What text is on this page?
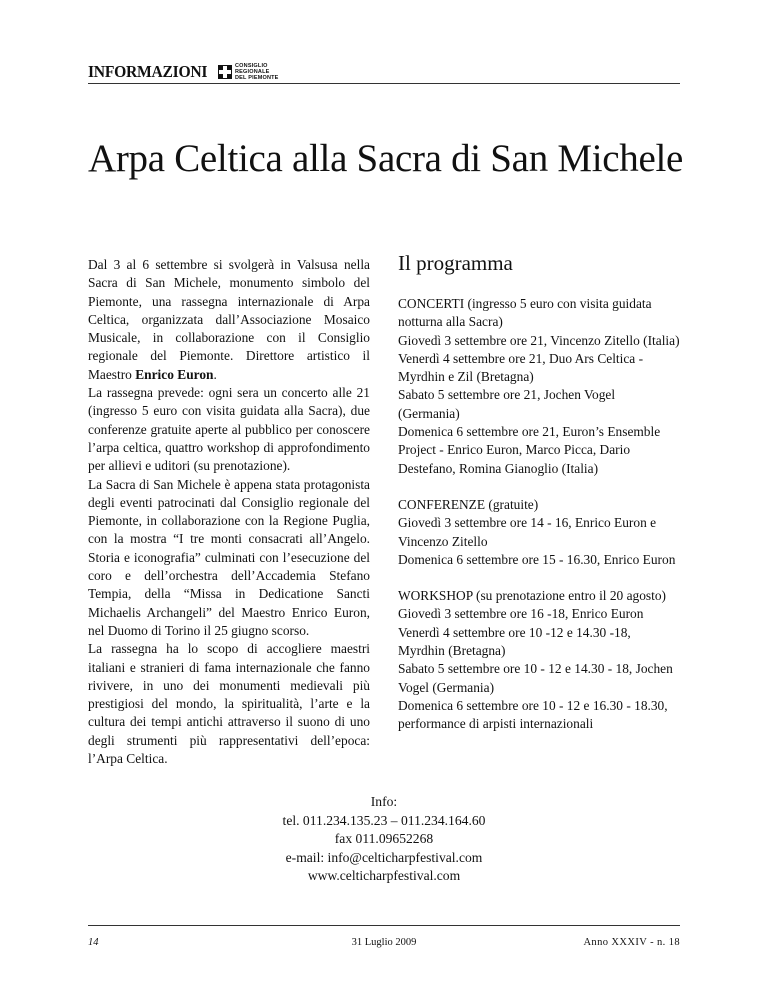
INFORMAZIONI	CONSIGLIO
REGIONALE
DEL PIEMONTE
Arpa Celtica alla Sacra di San Michele

Dal 3 al 6 settembre si svolgerà in Valsusa nella Sacra di San Michele, monumento simbolo del Piemonte, una rassegna internazionale di Arpa Celtica, organizzata dall’Associazione Mosaico Musicale, in collaborazione con il Consiglio regionale del Piemonte. Direttore artistico il Maestro Enrico Euron.

La rassegna prevede: ogni sera un concerto alle 21 (ingresso 5 euro con visita guidata alla Sacra), due conferenze gratuite aperte al pubblico per conoscere l’arpa celtica, quattro workshop di approfondimento per allievi e uditori (su prenotazione).

La Sacra di San Michele è appena stata protagonista degli eventi patrocinati dal Consiglio regionale del Piemonte, in collaborazione con la Regione Puglia, con la mostra “I tre monti consacrati all’Angelo. Storia e iconografia” culminati con l’esecuzione del coro e dell’orchestra dell’Accademia Stefano Tempia, della “Missa in Dedicatione Sancti Michaelis Archangeli” del Maestro Enrico Euron, nel Duomo di Torino il 25 giugno scorso.

La rassegna ha lo scopo di accogliere maestri italiani e stranieri di fama internazionale che fanno rivivere, in uno dei monumenti medievali più prestigiosi del mondo, la spiritualità, l’arte e la cultura dei tempi antichi attraverso il suono di uno degli strumenti più rappresentativi dell’epoca: l’Arpa Celtica.

Il programma

CONCERTI (ingresso 5 euro con visita guidata notturna alla Sacra)

Giovedì 3 settembre ore 21, Vincenzo Zitello (Italia)

Venerdì 4 settembre ore 21, Duo Ars Celtica - Myrdhin e Zil (Bretagna)

Sabato 5 settembre ore 21, Jochen Vogel (Germania)

Domenica 6 settembre ore 21, Euron’s Ensemble Project - Enrico Euron, Marco Picca, Dario Destefano, Romina Gianoglio (Italia)

CONFERENZE (gratuite)

Giovedì 3 settembre ore 14 - 16, Enrico Euron e Vincenzo Zitello

Domenica 6 settembre ore 15 - 16.30, Enrico Euron

WORKSHOP (su prenotazione entro il 20 agosto)

Giovedì 3 settembre ore 16 -18, Enrico Euron

Venerdì 4 settembre ore 10 -12 e 14.30 -18, Myrdhin (Bretagna)

Sabato 5 settembre ore 10 - 12 e 14.30 - 18, Jochen Vogel (Germania)

Domenica 6 settembre ore 10 - 12 e 16.30 - 18.30, performance di arpisti internazionali

Info:

tel. 011.234.135.23 – 011.234.164.60

fax 011.09652268

e-mail: info@celticharpfestival.com

www.celticharpfestival.com

14	31 Luglio 2009	Anno XXXIV - n. 18
